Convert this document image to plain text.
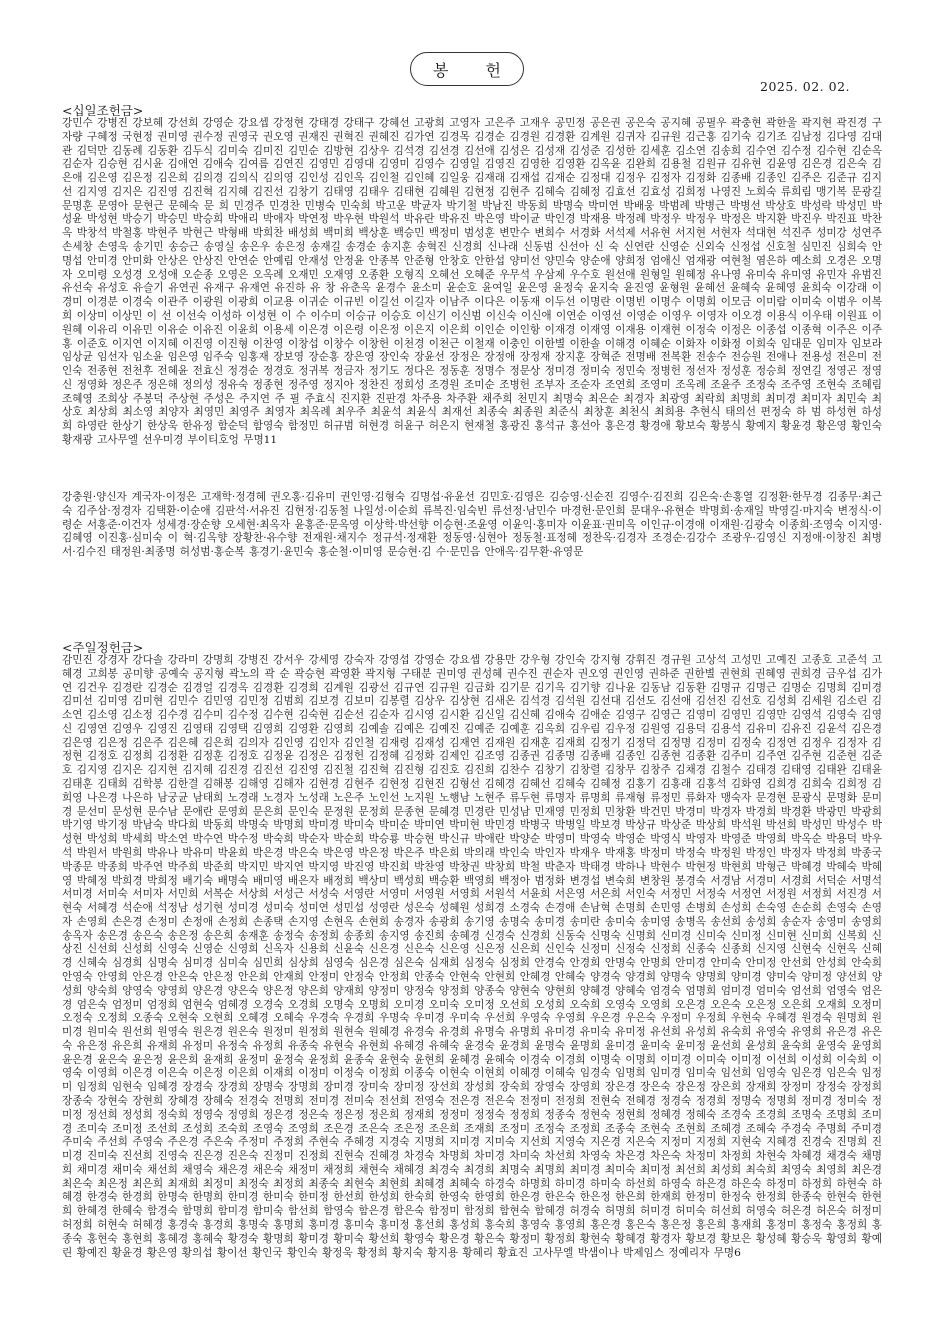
봉 헌
2025. 02. 02.
<십일조헌금>
강민수 강병진 강보혜 강선희 강영순 강요셉 강정현 강태경 강태구 강혜선 고광희 고영자 고은주 고재우 공민정 공은권 공은숙 공지혜 공필우 곽충현 곽한울 곽지현 곽진경 구자량 구혜정 국현정 권미영 권수정 권영국 권오영 권재진 권혁진 권혜진 김가연 김경목 김경순 김경원 김경환 김계원 김귀자 김규원 김근홍 김기숙 김기조 김남정 김다영 김대관 김덕만 김동례 김동환 김두식 김미숙 김미진 김민순 김방현 김상우 김석경 김선경 김선애 김성은 김성재 김성준 김성한 김세훈 김소연 김송희 김수연 김수정 김수현 김순옥 김순자 김승현 김시윤 김애연 김애숙 김여름 김연진 김영민 김영대 김영미 김영수 김영일 김영진 김영한 김영환 김옥윤 김완희 김용철 김원규 김유현 김윤영 김은경 김은숙 김은애 김은영 김은정 김은희 김의경 김의식 김의영 김인성 김인옥 김인철 김인혜 김일웅 김재래 김재섭 김재순 김정대 김정우 김정자 김정화 김종배 김종인 김주은 김준규 김지선 김지영 김지은 김진영 김진혁 김지혜 김진선 김창기 김태영 김태우 김태현 김혜원 김현정 김현주 김혜숙 김혜정 김효선 김효성 김희정 나영진 노희숙 류희림 맹기복 문광길 문명훈 문영아 문현근 문혜숙 문 희 민경주 민경찬 민병숙 민숙희 박고운 박균자 박기철 박남진 박동희 박명숙 박미연 박배웅 박범례 박병근 박병선 박상호 박성락 박성민 박성윤 박성현 박승기 박승민 박승희 박애리 박애자 박연정 박우현 박원석 박유란 박유진 박은영 박이균 박인경 박재용 박정례 박정우 박정우 박정은 박지환 박진우 박진표 박찬옥 박창석 박철홍 박현주 박현근 박형배 박희찬 배성희 백미희 백상훈 백승민 백정미 범성훈 변만수 변희수 서경화 서석제 서유현 서지현 서현자 석대현 석진주 성미강 성연주 손세창 손영욱 송기민 송승근 송영실 송은우 송은정 송재길 송경순 송지훈 송혁진 신경희 신나래 신동범 신선아 신 숙 신연란 신영순 신외숙 신정섭 신호철 심민진 심희숙 안명섭 안미경 안미화 안상은 안상진 안연순 안예림 안재성 안정윤 안종복 안준형 안창호 안한섭 양미선 양민숙 양순애 양희정 엄애신 엄재광 여현철 염은하 예소희 오경은 오명자 오미령 오성경 오성애 오순종 오영은 오옥례 오재민 오재영 오종환 오형직 오혜선 오혜준 우무석 우삼제 우수호 원선애 원형일 원혜정 유나영 유미숙 유미영 유민자 유범진 유선숙 유성호 유슬기 유연권 유재구 유재연 유진하 유 창 유춘옥 윤경수 윤소미 윤순호 윤여일 윤은영 윤정숙 윤지숙 윤진영 윤형원 윤혜선 윤혜숙 윤혜영 윤희숙 이강래 이경미 이경분 이경숙 이관주 이광원 이광희 이교용 이귀순 이규빈 이길선 이길자 이남주 이다은 이동재 이두선 이명란 이명빈 이명수 이명희 이모금 이미람 이미숙 이범우 이복희 이상미 이상민 이 선 이선숙 이성하 이성현 이 수 이수미 이승규 이승호 이신기 이신범 이신숙 이신애 이연순 이영선 이영순 이영우 이영자 이오경 이용식 이우태 이원표 이원혜 이유리 이유민 이유순 이유진 이윤희 이용세 이은경 이은령 이은정 이은지 이은희 이인순 이인항 이재경 이재영 이재용 이재현 이정숙 이정은 이종섭 이종혁 이주은 이주홍 이준호 이지연 이지혜 이진영 이진형 이찬영 이창섭 이창수 이창헌 이천경 이천근 이철재 이충인 이한별 이한솔 이해경 이혜순 이화자 이화정 이희숙 임대문 임미자 임보라 임상균 임선자 임소윤 임은영 임주숙 임홍재 장보영 장순홍 장은영 장인숙 장윤선 장정은 장정애 장정재 장지훈 장혁준 전명배 전복환 전송수 전승원 전애나 전용성 전은미 전인숙 전종현 전천후 전혜윤 전효신 정경순 정경호 정귀복 정금자 정기도 정다은 정동훈 정명수 정문상 정미경 정미숙 정민숙 정병헌 정선자 정성훈 정승희 정연길 정영곤 정영신 정영화 정은주 정은해 정의성 정유숙 정종현 정주영 정지아 정찬진 정희성 조경원 조미순 조병헌 조부자 조순자 조연희 조영미 조옥례 조윤주 조정숙 조주영 조현숙 조혜림 조혜영 조희상 주봉덕 주상현 주성은 주지연 주 필 주효식 진지환 진판경 차주용 차주환 채주희 천민지 최명숙 최은순 최경자 최광영 최락희 최명희 최미경 최미자 최민숙 최상호 최상희 최소영 최양자 최영민 최영주 최영자 최옥례 최우주 최윤석 최윤식 최재선 최종숙 최종원 최준식 최창훈 최천식 최희용 추현식 태의선 편정숙 하 범 하성현 하성희 하영란 한상기 한상욱 한유정 함순덕 함영숙 함정민 허규범 허현경 허윤구 허은지 현재철 홍광진 홍석규 홍선아 홍은경 황경애 황보숙 황봉식 황예지 황윤경 황은영 황인숙 황재광 고사무엘 선우미경 부이티호엉 무명11
강충원·양신자 계국자·이정은 고재학·정경혜 권오홍·김유미 권인영·김형숙 김명섭·유윤선 김민호·김영은 김승영·신순진 김영수·김진희 김은숙·손홍열 김정환·한무경 김종무·최근숙 김주삼·정경자 김택환·이순애 김판석·서유진 김현정·김동철 나일성·이순희 류복진·임숙빈 류선정·남민수 마경헌·문인희 문대우·유현순 박명희·송재일 박영길·마지숙 변정식·이령순 서홍준·이건자 성세경·장순향 오세현·최옥자 윤홍준·문옥영 이상학·박선향 이승현·조윤영 이윤익·홍미자 이윤표·권미옥 이인규·이경애 이재원·김광숙 이종희·조영숙 이지영·김혜영 이진홍·심미숙 이 혁·김옥향 장황찬·유수향 전재원·채지수 정규석·정재환 정동영·심현아 정동철·표정혜 정찬옥·김경자 조경순·김강수 조광우·김영신 지정애·이창진 최병서·김수진 태정원·최종명 허성범·홍순복 홍경기·윤민숙 홍순철·이미영 문승현·김 수·문민음 안애옥·김무환·유영문
<주일정헌금>
감민진 강경자 강다솔 강라미 강명희 강병진 강서우 강세영 강숙자 강영섭 강영순 강요셉 강용만 강우형 강인숙 강지형 강휘진 경규원 고상석 고성민 고예진 고종호 고준석 고혜경 고희봉 공미향 공예숙 공지형 곽노의 곽 순 곽승현 곽영환 곽지형 구태분 권미영 권성혜 권수진 권순자 권오영 권인영 권하준 권한별 권현희 권혜영 권희경 금우섭 김가연 김건우 김경란 김경순 김경얼 김경옥 김경환 김경희 김계원 김광선 김규연 김규원 김금화 김기문 김기옥 김기향 김나윤 김동남 김동환 김명규 김명근 김명순 김명희 김미경 김미선 김미영 김미현 김민수 김민영 김민정 김범희 김보경 김보미 김봉렬 김상우 김상현 김새온 김석경 김석원 김선대 김선도 김선애 김선진 김선호 김성희 김세원 김소린 김소연 김소영 김소정 김수경 김수미 김수정 김수현 김숙현 김순선 김순자 김시영 김시환 김신일 김신혜 김애숙 김애순 김영구 김영근 김영미 김영민 김영만 김영석 김영숙 김영신 김영연 김영우 김영진 김영태 김영택 김영희 김영환 김영희 김예솔 김예은 김예진 김예준 김예훈 김옥희 김우림 김우정 김원영 김용덕 김용석 김유미 김유진 김윤석 김은경 김은영 김은정 김은주 김은혜 김은희 김의자 김인영 김인자 김인철 김재령 김재성 김재연 김재원 김재훈 김재희 김정기 김정덕 김정명 김정미 김정숙 김정연 김정우 김정자 김정현 김정호 김정희 김정환 김정훈 김정호 김정윤 김정은 김정헌 김정혜 김정화 김제인 김조영 김종권 김종명 김종배 김종인 김종현 김종환 김주미 김주연 김주현 김준현 김준호 김지영 김지은 김지현 김지혜 김진경 김진선 김진영 김진철 김진혁 김진형 김진호 김진희 김찬수 김창기 김창렬 김창무 김창주 김채경 김철수 김태경 김태영 김태완 김태윤 김태훈 김태희 김학봉 김한결 김해봉 김해영 김해자 김현경 김현주 김현정 김현진 김형선 김혜경 김혜선 김혜숙 김혜정 김홍기 김홍래 김홍석 김화영 김희경 김희숙 김희정 김희영 나은경 나은하 남궁균 남태희 노경래 노경자 노성래 노은주 노인선 노지원 노행남 노현주 류두현 류명자 류명희 류재형 류정민 류화자 맹숙자 문경현 문광식 문명화 문미경 문선미 문성현 문수남 문애란 문영희 문은희 문인숙 문정원 문정희 문종현 문혜경 민경란 민성남 민재영 민정희 민창환 박건민 박경미 박경자 박경희 박경환 박광민 박광희 박기영 박기정 박남숙 박다희 박동희 박명숙 박명희 박미경 박미숙 박미순 박미연 박미현 박민경 박병국 박병일 박보경 박상규 박상준 박상희 박석원 박선희 박성민 박성수 박성현 박성희 박세희 박소연 박수연 박수정 박숙희 박순자 박순희 박승룡 박승현 박신규 박애란 박양순 박영미 박영숙 박영순 박영식 박영자 박영준 박영희 박옥순 박용덕 박우석 박원서 박원희 박유나 박유미 박윤희 박은경 박은숙 박은영 박은정 박은주 박은희 박의래 박인숙 박인자 박재우 박재홍 박정미 박정숙 박정원 박정인 박정자 박정희 박종국 박종문 박종희 박주연 박주희 박준희 박지민 박지연 박지영 박진영 박진희 박찬영 박창권 박창희 박철 박춘자 박태경 박하나 박현수 박현정 박현희 박형근 박혜경 박혜숙 박혜영 박혜정 박희경 박희정 배기숙 배명숙 배미영 배은자 배정희 백상미 백성희 백승환 백영희 백정아 범정화 변경섭 변숙희 변창원 봉경숙 서경남 서경미 서경희 서덕순 서명석 서미경 서미숙 서미자 서민희 서복순 서상희 서성근 서성숙 서영란 서영미 서영원 서영희 서원석 서윤희 서은영 서은희 서인숙 서정민 서정숙 서정연 서정원 서정희 서진경 서현숙 서혜경 석순애 석정남 성기현 성미경 성미숙 성미연 성민섭 성영란 성은숙 성혜원 성희경 소경숙 손경애 손남혁 손명희 손민영 손병희 손성희 손숙영 손순희 손영숙 손영자 손영희 손은경 손정미 손정애 손정희 손종택 손지영 손현옥 손현희 송경자 송광희 송기영 송명숙 송미경 송미란 송미숙 송미영 송병옥 송선희 송성희 송순자 송영미 송영희 송옥자 송은경 송은숙 송은정 송은희 송재훈 송정숙 송정희 송종희 송지영 송진희 송혜경 신경숙 신경희 신동숙 신명숙 신명희 신미경 신미숙 신미정 신미현 신미희 신복희 신상진 신선희 신성희 신영숙 신영순 신영희 신옥자 신용희 신윤숙 신은경 신은숙 신은영 신은정 신은희 신인숙 신정미 신정숙 신정희 신종숙 신종희 신지영 신현숙 신현옥 신혜경 신혜숙 심경희 심명숙 심미경 심미숙 심민희 심상희 심영숙 심은경 심은숙 심재희 심정숙 심정희 안경숙 안경희 안명숙 안명희 안미경 안미숙 안미정 안선희 안성희 안숙희 안영숙 안영희 안은경 안은숙 안은정 안은희 안재희 안정미 안정숙 안정희 안종숙 안현숙 안현희 안혜경 안혜숙 양경숙 양경희 양명숙 양명희 양미경 양미숙 양미정 양선희 양성희 양숙희 양영숙 양영희 양은경 양은숙 양은정 양은희 양재희 양정미 양정숙 양정희 양종숙 양현숙 양현희 양혜경 양혜숙 엄경숙 엄명희 엄미경 엄미숙 엄선희 엄영숙 엄은경 엄은숙 엄정미 엄정희 엄현숙 엄혜경 오경숙 오경희 오명숙 오명희 오미경 오미숙 오미정 오선희 오성희 오숙희 오영숙 오영희 오은경 오은숙 오은정 오은희 오재희 오정미 오정숙 오정희 오종숙 오현숙 오현희 오혜경 오혜숙 우경숙 우경희 우명숙 우미경 우미숙 우선희 우영숙 우영희 우은경 우은숙 우정미 우정희 우현숙 우혜경 원경숙 원명희 원미경 원미숙 원선희 원영숙 원은경 원은숙 원정미 원정희 원현숙 원혜경 유경숙 유경희 유명숙 유명희 유미경 유미숙 유미정 유선희 유성희 유숙희 유영숙 유영희 유은경 유은숙 유은정 유은희 유재희 유정미 유정숙 유정희 유종숙 유현숙 유현희 유혜경 유혜숙 윤경숙 윤경희 윤명숙 윤명희 윤미경 윤미숙 윤미정 윤선희 윤성희 윤숙희 윤영숙 윤영희 윤은경 윤은숙 윤은정 윤은희 윤재희 윤정미 윤정숙 윤정희 윤종숙 윤현숙 윤현희 윤혜경 윤혜숙 이경숙 이경희 이명숙 이명희 이미경 이미숙 이미정 이선희 이성희 이숙희 이영숙 이영희 이은경 이은숙 이은정 이은희 이재희 이정미 이정숙 이정희 이종숙 이현숙 이현희 이혜경 이혜숙 임경숙 임명희 임미경 임미숙 임선희 임영숙 임은경 임은숙 임정미 임정희 임현숙 임혜경 장경숙 장경희 장명숙 장명희 장미경 장미숙 장미정 장선희 장성희 장숙희 장영숙 장영희 장은경 장은숙 장은정 장은희 장재희 장정미 장정숙 장정희 장종숙 장현숙 장현희 장혜경 장혜숙 전경숙 전명희 전미경 전미숙 전선희 전영숙 전은경 전은숙 전정미 전정희 전현숙 전혜경 정경숙 정경희 정명숙 정명희 정미경 정미숙 정미정 정선희 정성희 정숙희 정영숙 정영희 정은경 정은숙 정은정 정은희 정재희 정정미 정정숙 정정희 정종숙 정현숙 정현희 정혜경 정혜숙 조경숙 조경희 조명숙 조명희 조미경 조미숙 조미정 조선희 조성희 조숙희 조영숙 조영희 조은경 조은숙 조은정 조은희 조재희 조정미 조정숙 조정희 조종숙 조현숙 조현희 조혜경 조혜숙 주경숙 주명희 주미경 주미숙 주선희 주영숙 주은경 주은숙 주정미 주정희 주현숙 주혜경 지경숙 지명희 지미경 지미숙 지선희 지영숙 지은경 지은숙 지정미 지정희 지현숙 지혜경 진경숙 진명희 진미경 진미숙 진선희 진영숙 진은경 진은숙 진정미 진정희 진현숙 진혜경 차경숙 차명희 차미경 차미숙 차선희 차영숙 차은경 차은숙 차정미 차정희 차현숙 차혜경 채경숙 채명희 채미경 채미숙 채선희 채영숙 채은경 채은숙 채정미 채정희 채현숙 채혜경 최경숙 최경희 최명숙 최명희 최미경 최미숙 최미정 최선희 최성희 최숙희 최영숙 최영희 최은경 최은숙 최은정 최은희 최재희 최정미 최정숙 최정희 최종숙 최현숙 최현희 최혜경 최혜숙 하경숙 하명희 하미경 하미숙 하선희 하영숙 하은경 하은숙 하정미 하정희 하현숙 하혜경 한경숙 한경희 한명숙 한명희 한미경 한미숙 한미정 한선희 한성희 한숙희 한영숙 한영희 한은경 한은숙 한은정 한은희 한재희 한정미 한정숙 한정희 한종숙 한현숙 한현희 한혜경 한혜숙 함경숙 함명희 함미경 함미숙 함선희 함영숙 함은경 함은숙 함정미 함정희 함현숙 함혜경 허경숙 허명희 허미경 허미숙 허선희 허영숙 허은경 허은숙 허정미 허정희 허현숙 허혜경 홍경숙 홍경희 홍명숙 홍명희 홍미경 홍미숙 홍미정 홍선희 홍성희 홍숙희 홍영숙 홍영희 홍은경 홍은숙 홍은정 홍은희 홍재희 홍정미 홍정숙 홍정희 홍종숙 홍현숙 홍현희 홍혜경 홍혜숙 황경숙 황명희 황미경 황미숙 황선희 황영숙 황은경 황은숙 황정미 황정희 황현숙 황혜경 황경자 황보경 황보은 황성혜 황승욱 황영희 황예린 황예진 황윤경 황은영 황의섭 황이선 황인국 황인숙 황정욱 황정희 황지숙 황지용 황혜리 황효진 고사무엘 박샘이나 박제임스 정예리자 무명6
